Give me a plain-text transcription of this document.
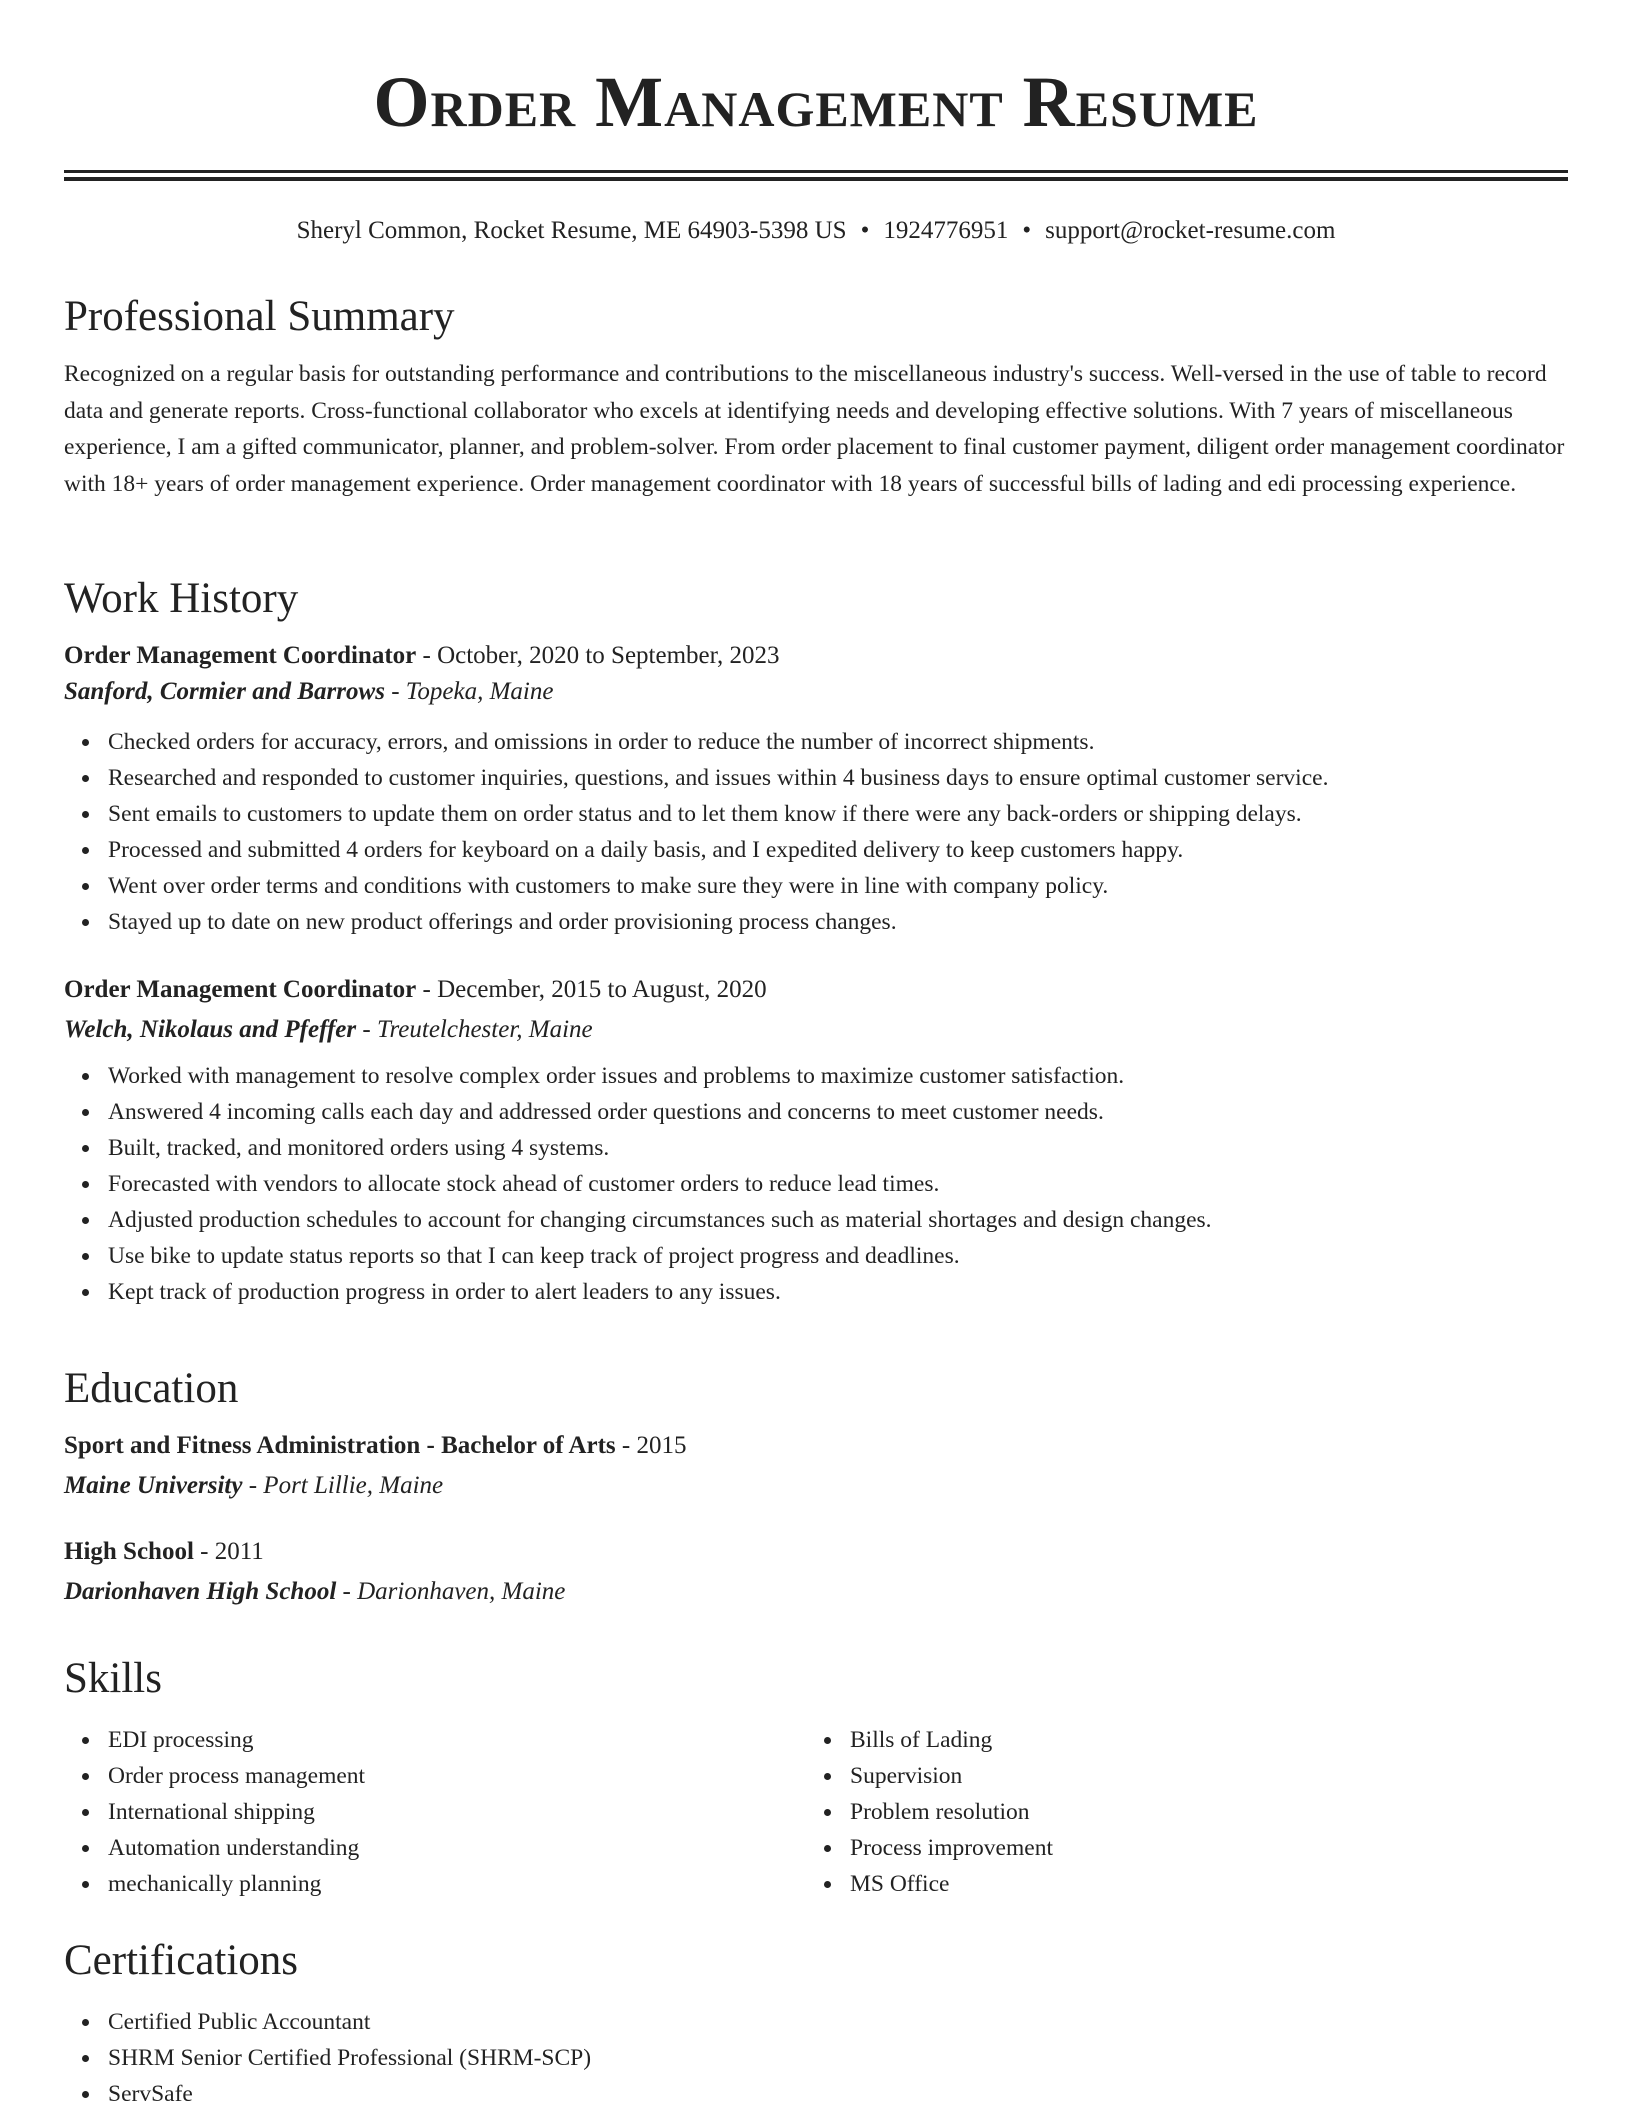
Order Management Resume
Sheryl Common, Rocket Resume, ME 64903-5398 US • 1924776951 • support@rocket-resume.com
Professional Summary

Recognized on a regular basis for outstanding performance and contributions to the miscellaneous industry's success. Well-versed in the use of table to record data and generate reports. Cross-functional collaborator who excels at identifying needs and developing effective solutions. With 7 years of miscellaneous experience, I am a gifted communicator, planner, and problem-solver. From order placement to final customer payment, diligent order management coordinator with 18+ years of order management experience. Order management coordinator with 18 years of successful bills of lading and edi processing experience.

Work History
Order Management Coordinator - October, 2020 to September, 2023
Sanford, Cormier and Barrows - Topeka, Maine
Checked orders for accuracy, errors, and omissions in order to reduce the number of incorrect shipments.
Researched and responded to customer inquiries, questions, and issues within 4 business days to ensure optimal customer service.
Sent emails to customers to update them on order status and to let them know if there were any back-orders or shipping delays.
Processed and submitted 4 orders for keyboard on a daily basis, and I expedited delivery to keep customers happy.
Went over order terms and conditions with customers to make sure they were in line with company policy.
Stayed up to date on new product offerings and order provisioning process changes.
Order Management Coordinator - December, 2015 to August, 2020
Welch, Nikolaus and Pfeffer - Treutelchester, Maine
Worked with management to resolve complex order issues and problems to maximize customer satisfaction.
Answered 4 incoming calls each day and addressed order questions and concerns to meet customer needs.
Built, tracked, and monitored orders using 4 systems.
Forecasted with vendors to allocate stock ahead of customer orders to reduce lead times.
Adjusted production schedules to account for changing circumstances such as material shortages and design changes.
Use bike to update status reports so that I can keep track of project progress and deadlines.
Kept track of production progress in order to alert leaders to any issues.
Education
Sport and Fitness Administration - Bachelor of Arts - 2015
Maine University - Port Lillie, Maine
High School - 2011
Darionhaven High School - Darionhaven, Maine
Skills
EDI processing
Order process management
International shipping
Automation understanding
mechanically planning
Bills of Lading
Supervision
Problem resolution
Process improvement
MS Office
Certifications
Certified Public Accountant
SHRM Senior Certified Professional (SHRM-SCP)
ServSafe
